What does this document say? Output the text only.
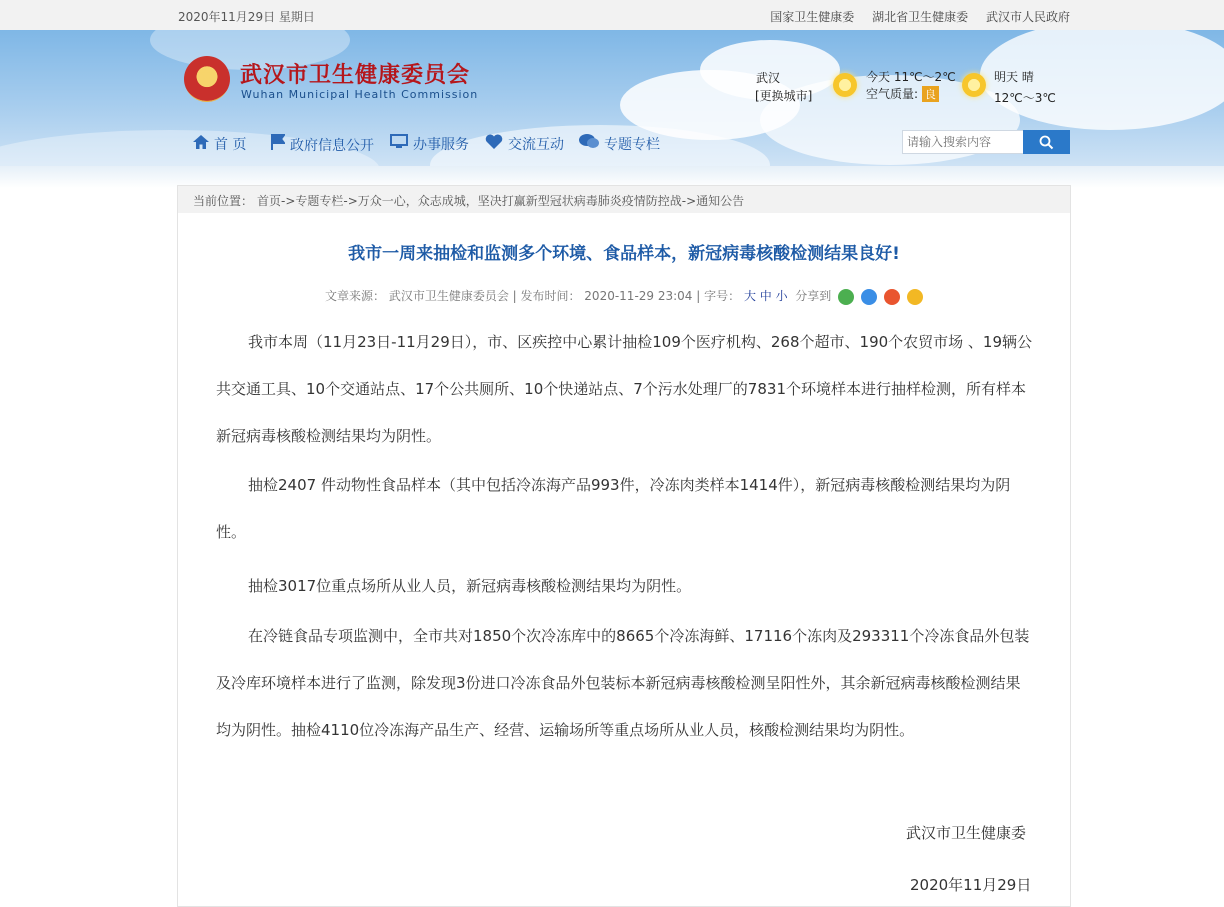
2020年11月29日 星期日	国家卫生健康委 湖北省卫生健康委 武汉市人民政府
★ 武汉市卫生健康委员会
Wuhan Municipal Health Commission
武汉
[更换城市]
今天 11℃～2℃
空气质量: 良
明天 晴
12℃～3℃
首 页	政府信息公开	办事服务	交流互动	专题专栏
请输入搜索内容
当前位置： 首页->专题专栏->万众一心，众志成城，坚决打赢新型冠状病毒肺炎疫情防控战->通知公告
我市一周来抽检和监测多个环境、食品样本，新冠病毒核酸检测结果良好!
文章来源： 武汉市卫生健康委员会 | 发布时间： 2020-11-29 23:04 | 字号： 大 中 小 分享到
我市本周（11月23日-11月29日），市、区疾控中心累计抽检109个医疗机构、268个超市、190个农贸市场 、19辆公共交通工具、10个交通站点、17个公共厕所、10个快递站点、7个污水处理厂的7831个环境样本进行抽样检测，所有样本新冠病毒核酸检测结果均为阴性。
抽检2407 件动物性食品样本（其中包括冷冻海产品993件，冷冻肉类样本1414件），新冠病毒核酸检测结果均为阴性。
抽检3017位重点场所从业人员，新冠病毒核酸检测结果均为阴性。
在冷链食品专项监测中，全市共对1850个次冷冻库中的8665个冷冻海鲜、17116个冻肉及293311个冷冻食品外包装及冷库环境样本进行了监测，除发现3份进口冷冻食品外包装标本新冠病毒核酸检测呈阳性外，其余新冠病毒核酸检测结果均为阴性。抽检4110位冷冻海产品生产、经营、运输场所等重点场所从业人员，核酸检测结果均为阴性。
武汉市卫生健康委
2020年11月29日
